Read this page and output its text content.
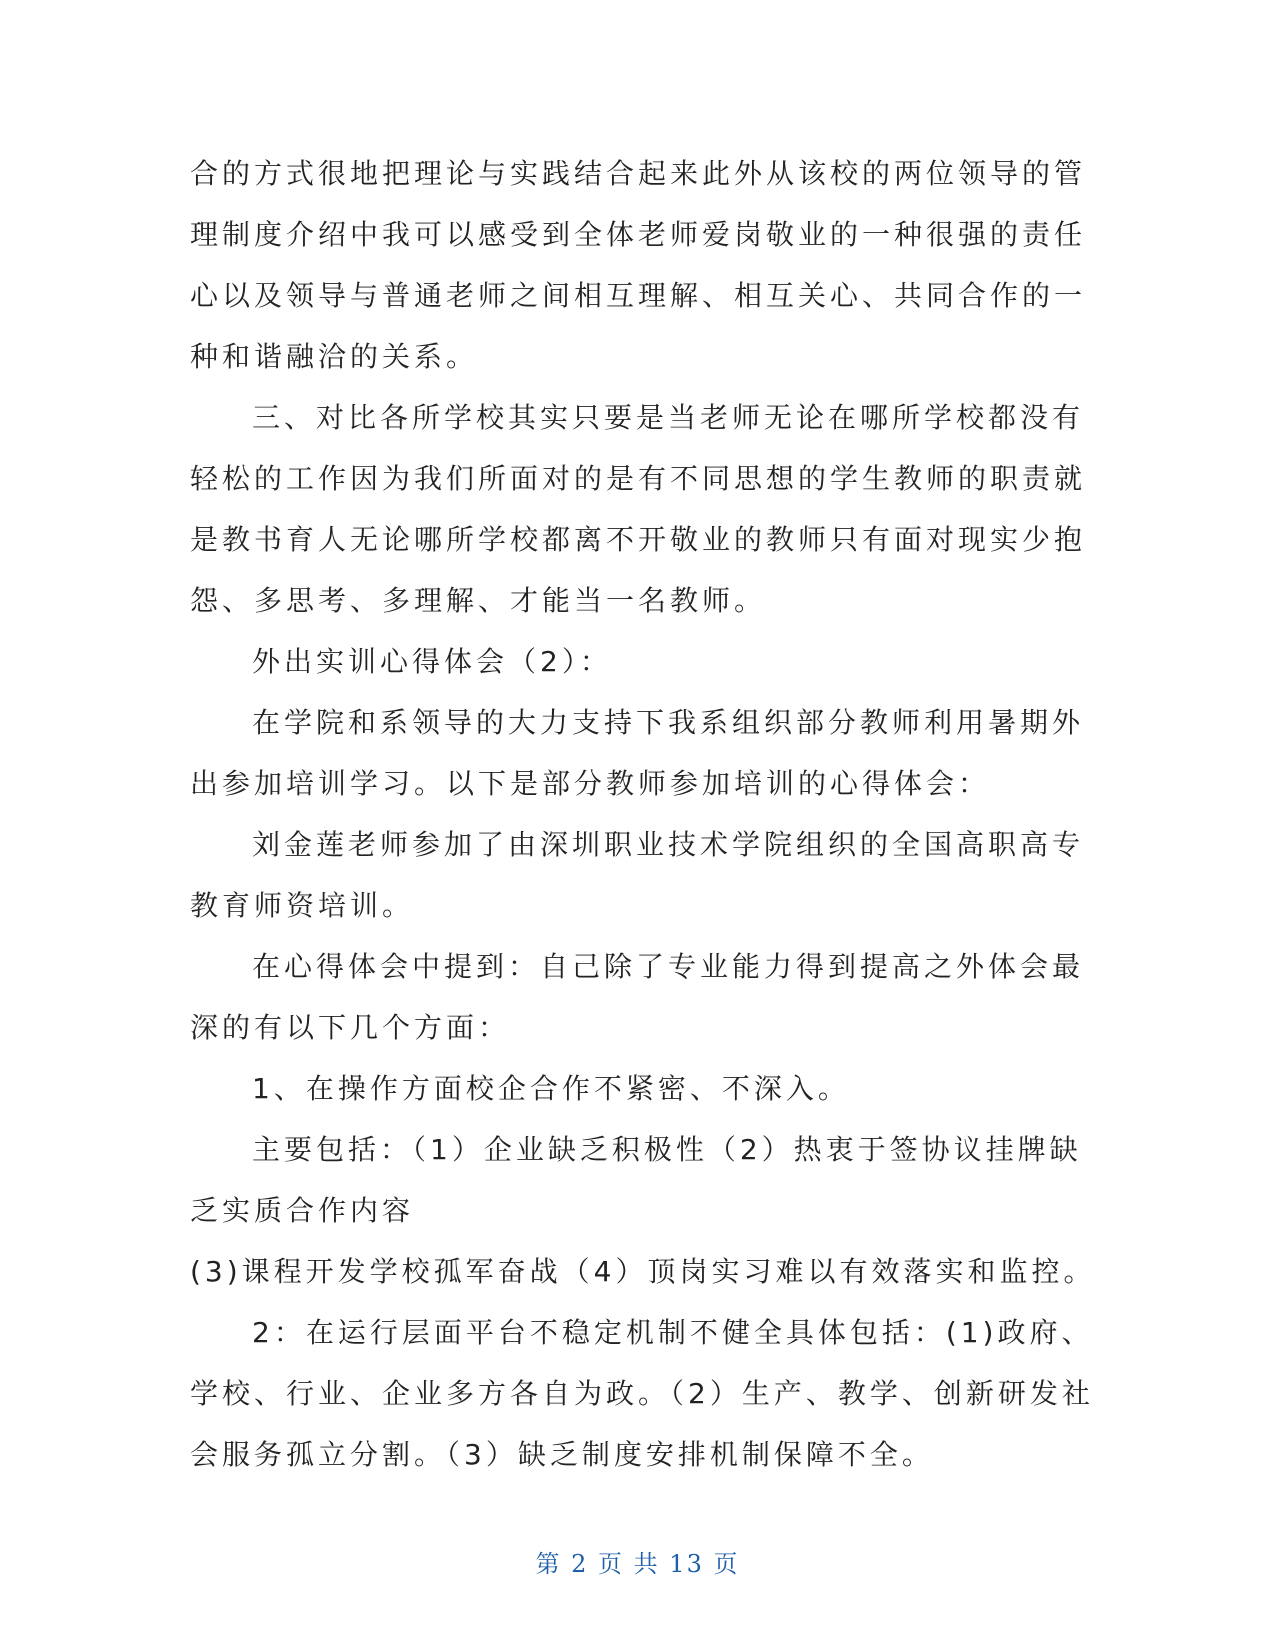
合的方式很地把理论与实践结合起来此外从该校的两位领导的管

理制度介绍中我可以感受到全体老师爱岗敬业的一种很强的责任

心以及领导与普通老师之间相互理解、相互关心、共同合作的一

种和谐融洽的关系。

三、对比各所学校其实只要是当老师无论在哪所学校都没有

轻松的工作因为我们所面对的是有不同思想的学生教师的职责就

是教书育人无论哪所学校都离不开敬业的教师只有面对现实少抱

怨、多思考、多理解、才能当一名教师。

外出实训心得体会（2）：

在学院和系领导的大力支持下我系组织部分教师利用暑期外

出参加培训学习。以下是部分教师参加培训的心得体会：

刘金莲老师参加了由深圳职业技术学院组织的全国高职高专

教育师资培训。

在心得体会中提到：自己除了专业能力得到提高之外体会最

深的有以下几个方面：

1、在操作方面校企合作不紧密、不深入。

主要包括：（1）企业缺乏积极性（2）热衷于签协议挂牌缺

乏实质合作内容

(3)课程开发学校孤军奋战（4）顶岗实习难以有效落实和监控。

2：在运行层面平台不稳定机制不健全具体包括：(1)政府、

学校、行业、企业多方各自为政。（2）生产、教学、创新研发社

会服务孤立分割。（3）缺乏制度安排机制保障不全。

第 2 页 共 13 页
